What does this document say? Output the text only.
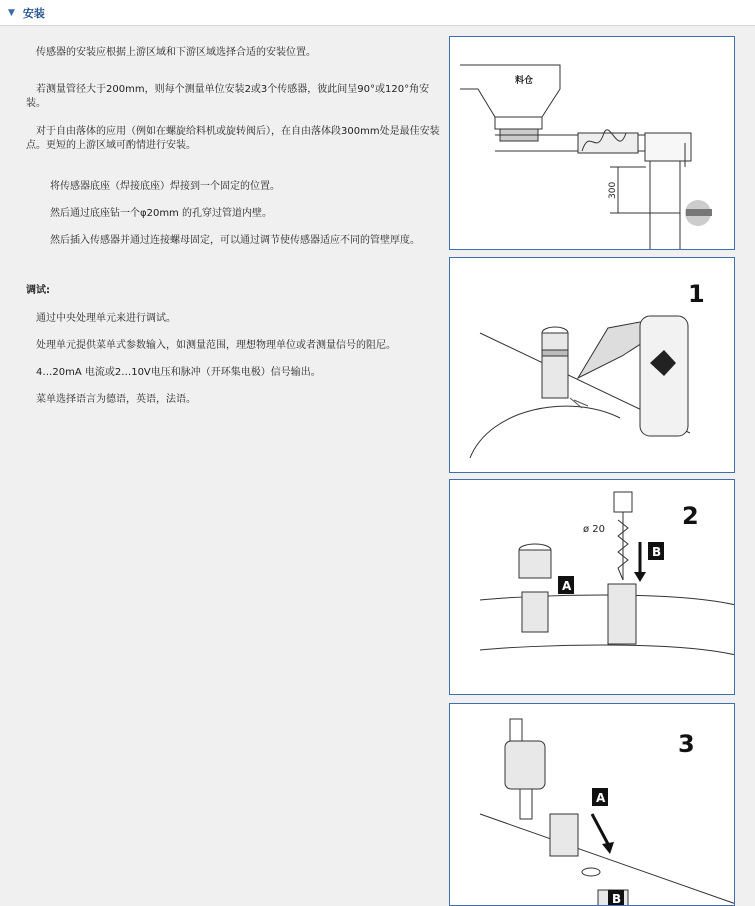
▼ 安装

传感器的安装应根据上游区域和下游区域选择合适的安装位置。

若测量管径大于200mm，则每个测量单位安装2或3个传感器，彼此间呈90°或120°角安装。

对于自由落体的应用（例如在螺旋给料机或旋转阀后），在自由落体段300mm处是最佳安装点。更短的上游区域可酌情进行安装。

将传感器底座（焊接底座）焊接到一个固定的位置。

然后通过底座钻一个φ20mm 的孔穿过管道内壁。

然后插入传感器并通过连接螺母固定，可以通过调节使传感器适应不同的管壁厚度。

调试:

通过中央处理单元来进行调试。

处理单元提供菜单式参数输入，如测量范围，理想物理单位或者测量信号的阻尼。

4…20mA 电流或2…10V电压和脉冲（开环集电极）信号输出。

菜单选择语言为德语，英语，法语。

料仓
300
1
2
ø 20
B
A
3
A
B
